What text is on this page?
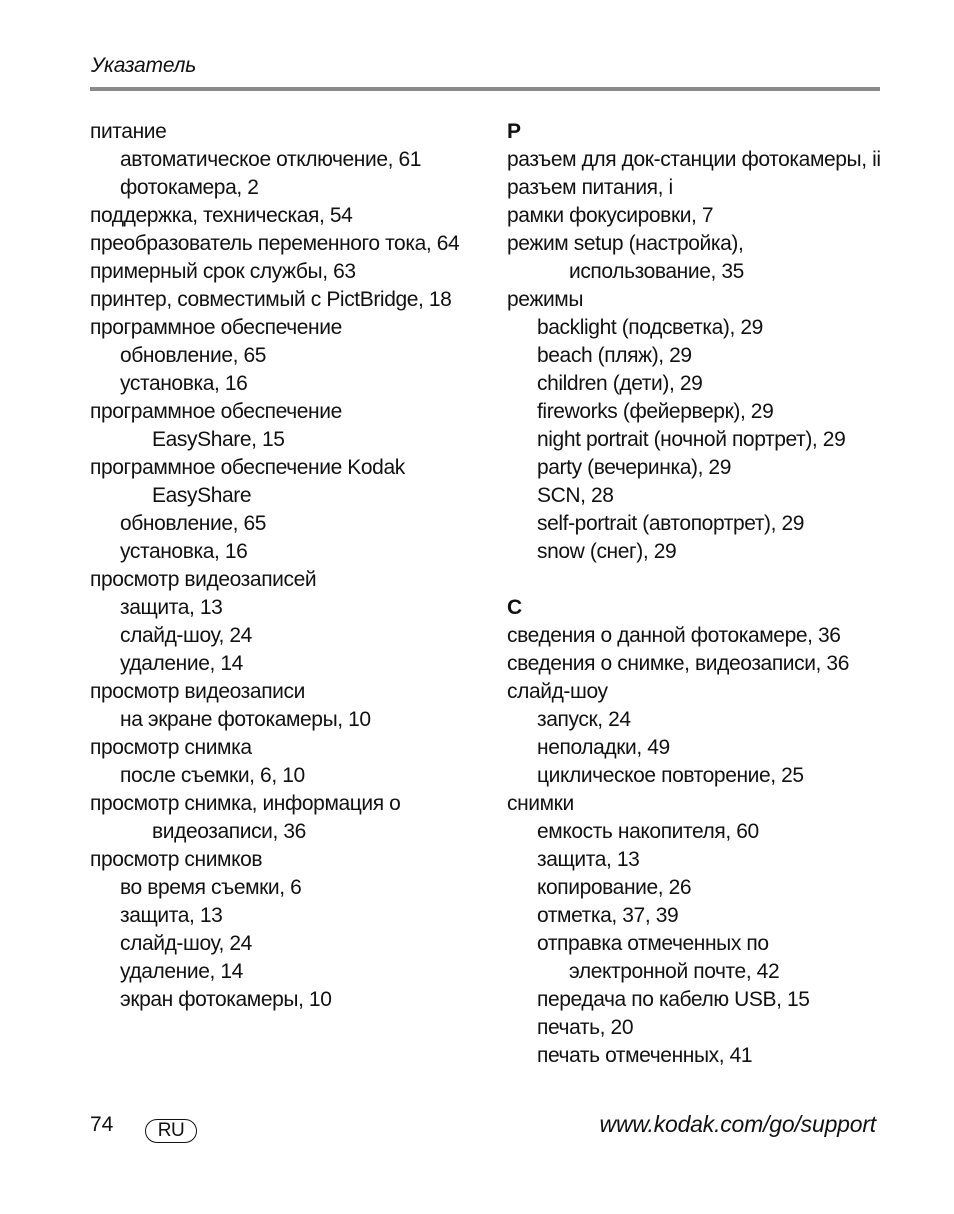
Указатель
питание
автоматическое отключение, 61
фотокамера, 2
поддержка, техническая, 54
преобразователь переменного тока, 64
примерный срок службы, 63
принтер, совместимый с PictBridge, 18
программное обеспечение
обновление, 65
установка, 16
программное обеспечение
EasyShare, 15
программное обеспечение Kodak
EasyShare
обновление, 65
установка, 16
просмотр видеозаписей
защита, 13
слайд-шоу, 24
удаление, 14
просмотр видеозаписи
на экране фотокамеры, 10
просмотр снимка
после съемки, 6, 10
просмотр снимка, информация о
видеозаписи, 36
просмотр снимков
во время съемки, 6
защита, 13
слайд-шоу, 24
удаление, 14
экран фотокамеры, 10
Р
разъем для док-станции фотокамеры, ii
разъем питания, i
рамки фокусировки, 7
режим setup (настройка),
использование, 35
режимы
backlight (подсветка), 29
beach (пляж), 29
children (дети), 29
fireworks (фейерверк), 29
night portrait (ночной портрет), 29
party (вечеринка), 29
SCN, 28
self-portrait (автопортрет), 29
snow (снег), 29
С
сведения о данной фотокамере, 36
сведения о снимке, видеозаписи, 36
слайд-шоу
запуск, 24
неполадки, 49
циклическое повторение, 25
снимки
емкость накопителя, 60
защита, 13
копирование, 26
отметка, 37, 39
отправка отмеченных по
электронной почте, 42
передача по кабелю USB, 15
печать, 20
печать отмеченных, 41
74	RU	www.kodak.com/go/support
